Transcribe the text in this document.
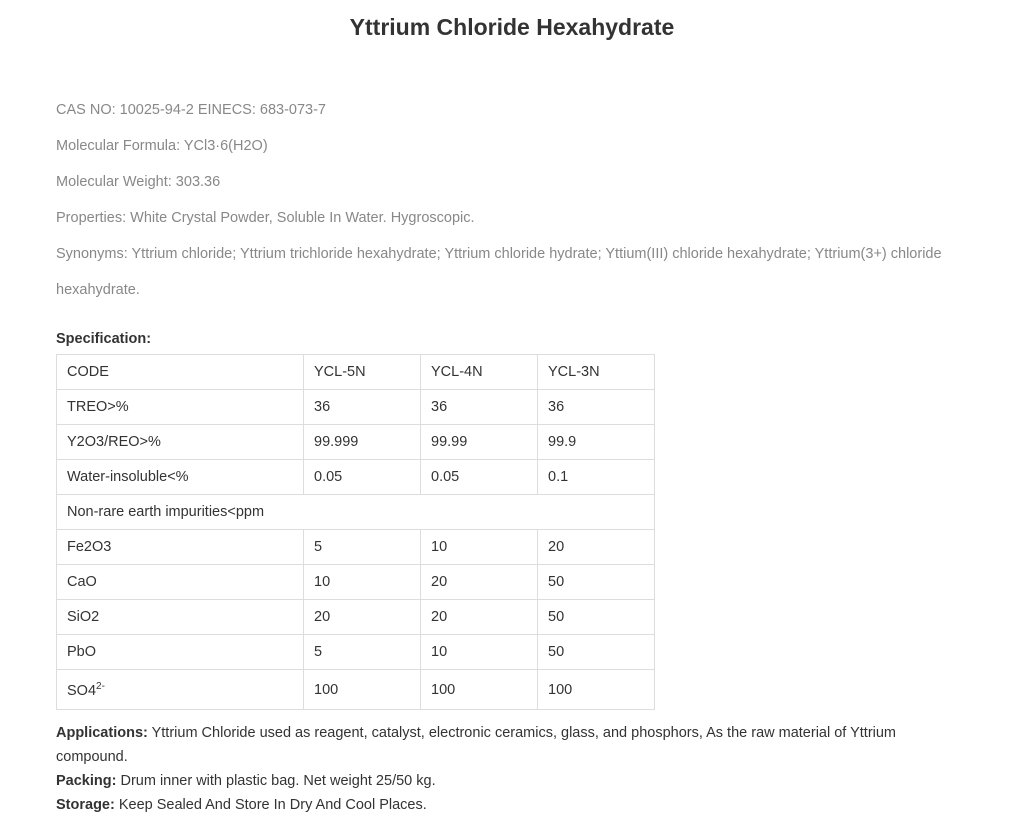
Yttrium Chloride Hexahydrate

CAS NO: 10025-94-2 EINECS: 683-073-7

Molecular Formula: YCl3·6(H2O)

Molecular Weight: 303.36

Properties: White Crystal Powder, Soluble In Water. Hygroscopic.

Synonyms: Yttrium chloride; Yttrium trichloride hexahydrate; Yttrium chloride hydrate; Yttium(III) chloride hexahydrate; Yttrium(3+) chloride hexahydrate.

Specification:
CODE	YCL-5N	YCL-4N	YCL-3N
TREO>%	36	36	36
Y2O3/REO>%	99.999	99.99	99.9
Water-insoluble<%	0.05	0.05	0.1
Non-rare earth impurities<ppm			
Fe2O3	5	10	20
CaO	10	20	50
SiO2	20	20	50
PbO	5	10	50
$SO4^{2-}$	100	100	100

Applications: Yttrium Chloride used as reagent, catalyst, electronic ceramics, glass, and phosphors, As the raw material of Yttrium compound.

Packing: Drum inner with plastic bag. Net weight 25/50 kg.

Storage: Keep Sealed And Store In Dry And Cool Places.
